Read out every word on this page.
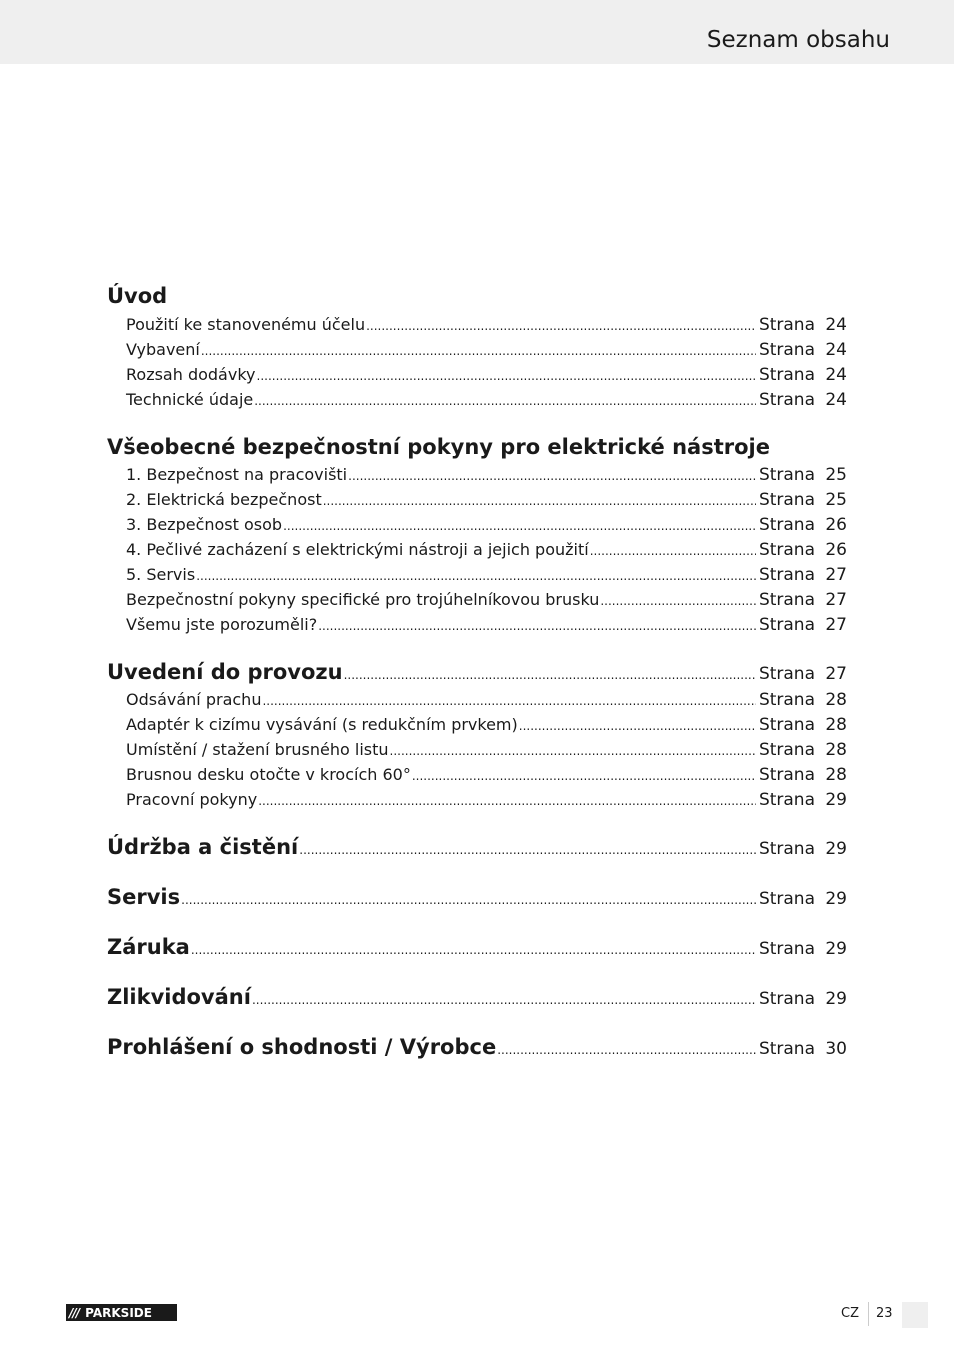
Seznam obsahu
Úvod
Použití ke stanovenému účelu .....	Strana 24
Vybavení .....	Strana 24
Rozsah dodávky .....	Strana 24
Technické údaje .....	Strana 24
Všeobecné bezpečnostní pokyny pro elektrické nástroje
1. Bezpečnost na pracovišti .....	Strana 25
2. Elektrická bezpečnost .....	Strana 25
3. Bezpečnost osob .....	Strana 26
4. Pečlivé zacházení s elektrickými nástroji a jejich použití .....	Strana 26
5. Servis .....	Strana 27
Bezpečnostní pokyny specifické pro trojúhelníkovou brusku .....	Strana 27
Všemu jste porozuměli? .....	Strana 27
Uvedení do provozu .....	Strana 27
Odsávání prachu .....	Strana 28
Adaptér k cizímu vysávání (s redukčním prvkem) .....	Strana 28
Umístění / stažení brusného listu .....	Strana 28
Brusnou desku otočte v krocích 60° .....	Strana 28
Pracovní pokyny .....	Strana 29
Údržba a čistění .....	Strana 29
Servis .....	Strana 29
Záruka .....	Strana 29
Zlikvidování .....	Strana 29
Prohlášení o shodnosti / Výrobce .....	Strana 30
/// PARKSIDE	CZ 23
